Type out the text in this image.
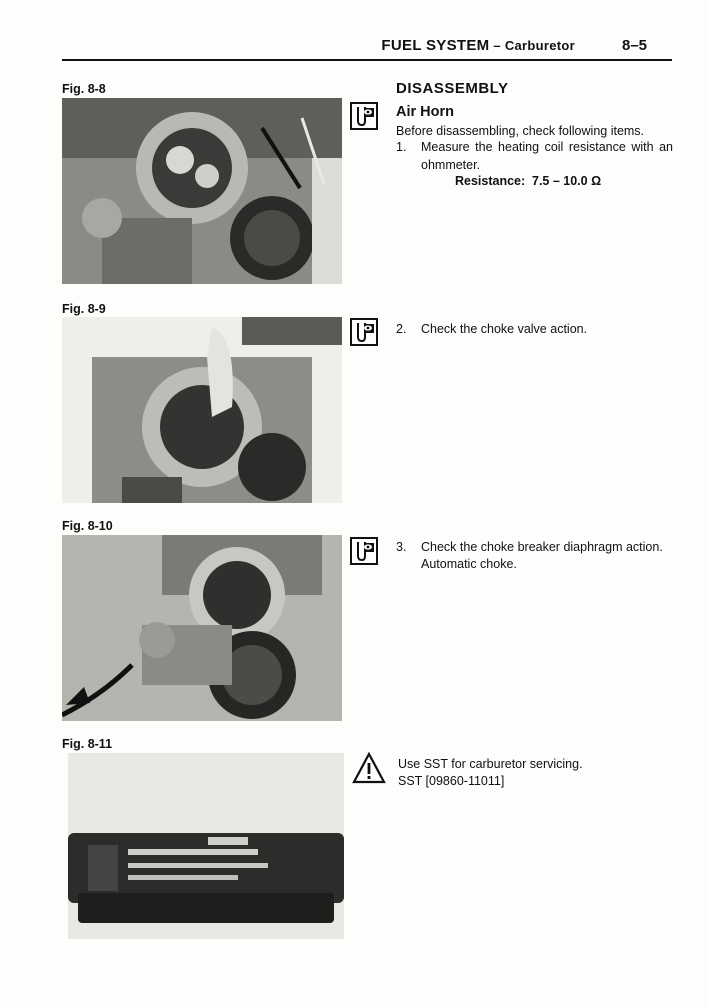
FUEL SYSTEM – Carburetor	8–5
Fig. 8-8
Fig. 8-9
Fig. 8-10
Fig. 8-11
DISASSEMBLY
Air Horn
Before disassembling, check following items.
1. Measure the heating coil resistance with an ohmmeter.
Resistance: 7.5 – 10.0 Ω
2. Check the choke valve action.
3. Check the choke breaker diaphragm action.
Automatic choke.
Use SST for carburetor servicing.
SST [09860-11011]
